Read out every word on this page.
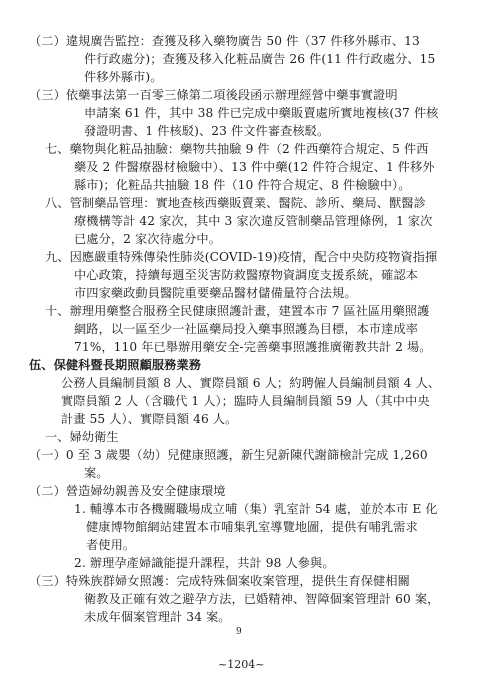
（二）違規廣告監控：查獲及移入藥物廣告 50 件（37 件移外縣市、13
件行政處分)；查獲及移入化粧品廣告 26 件(11 件行政處分、15
件移外縣市)。
（三）依藥事法第一百零三條第二項後段函示辦理經營中藥事實證明
申請案 61 件，其中 38 件已完成中藥販賣處所實地複核(37 件核
發證明書、1 件核駁)、23 件文件審查核駁。
七、藥物與化粧品抽驗：藥物共抽驗 9 件（2 件西藥符合規定、5 件西
藥及 2 件醫療器材檢驗中）、13 件中藥(12 件符合規定、1 件移外
縣市)；化粧品共抽驗 18 件（10 件符合規定、8 件檢驗中）。
八、管制藥品管理：實地查核西藥販賣業、醫院、診所、藥局、獸醫診
療機構等計 42 家次，其中 3 家次違反管制藥品管理條例，1 家次
已處分，2 家次待處分中。
九、因應嚴重特殊傳染性肺炎(COVID-19)疫情，配合中央防疫物資指揮
中心政策，持續每週至災害防救醫療物資調度支援系統，確認本
市四家藥政動員醫院重要藥品醫材儲備量符合法規。
十、辦理用藥整合服務全民健康照護計畫，建置本市 7 區社區用藥照護
網路，以一區至少一社區藥局投入藥事照護為目標，本市達成率
71%，110 年已舉辦用藥安全-完善藥事照護推廣衛教共計 2 場。
伍、保健科暨長期照顧服務業務
公務人員編制員額 8 人、實際員額 6 人；約聘僱人員編制員額 4 人、
實際員額 2 人（含職代 1 人）；臨時人員編制員額 59 人（其中中央
計畫 55 人）、實際員額 46 人。
一、婦幼衛生
（一）0 至 3 歲嬰（幼）兒健康照護，新生兒新陳代謝篩檢計完成 1,260
案。
（二）營造婦幼親善及安全健康環境
1. 輔導本市各機關職場成立哺（集）乳室計 54 處，並於本市 E 化
健康博物館網站建置本市哺集乳室導覽地圖，提供有哺乳需求
者使用。
2. 辦理孕產婦識能提升課程，共計 98 人參與。
（三）特殊族群婦女照護：完成特殊個案收案管理，提供生育保健相關
衛教及正確有效之避孕方法，已婚精神、智障個案管理計 60 案，
未成年個案管理計 34 案。
9
~1204~
